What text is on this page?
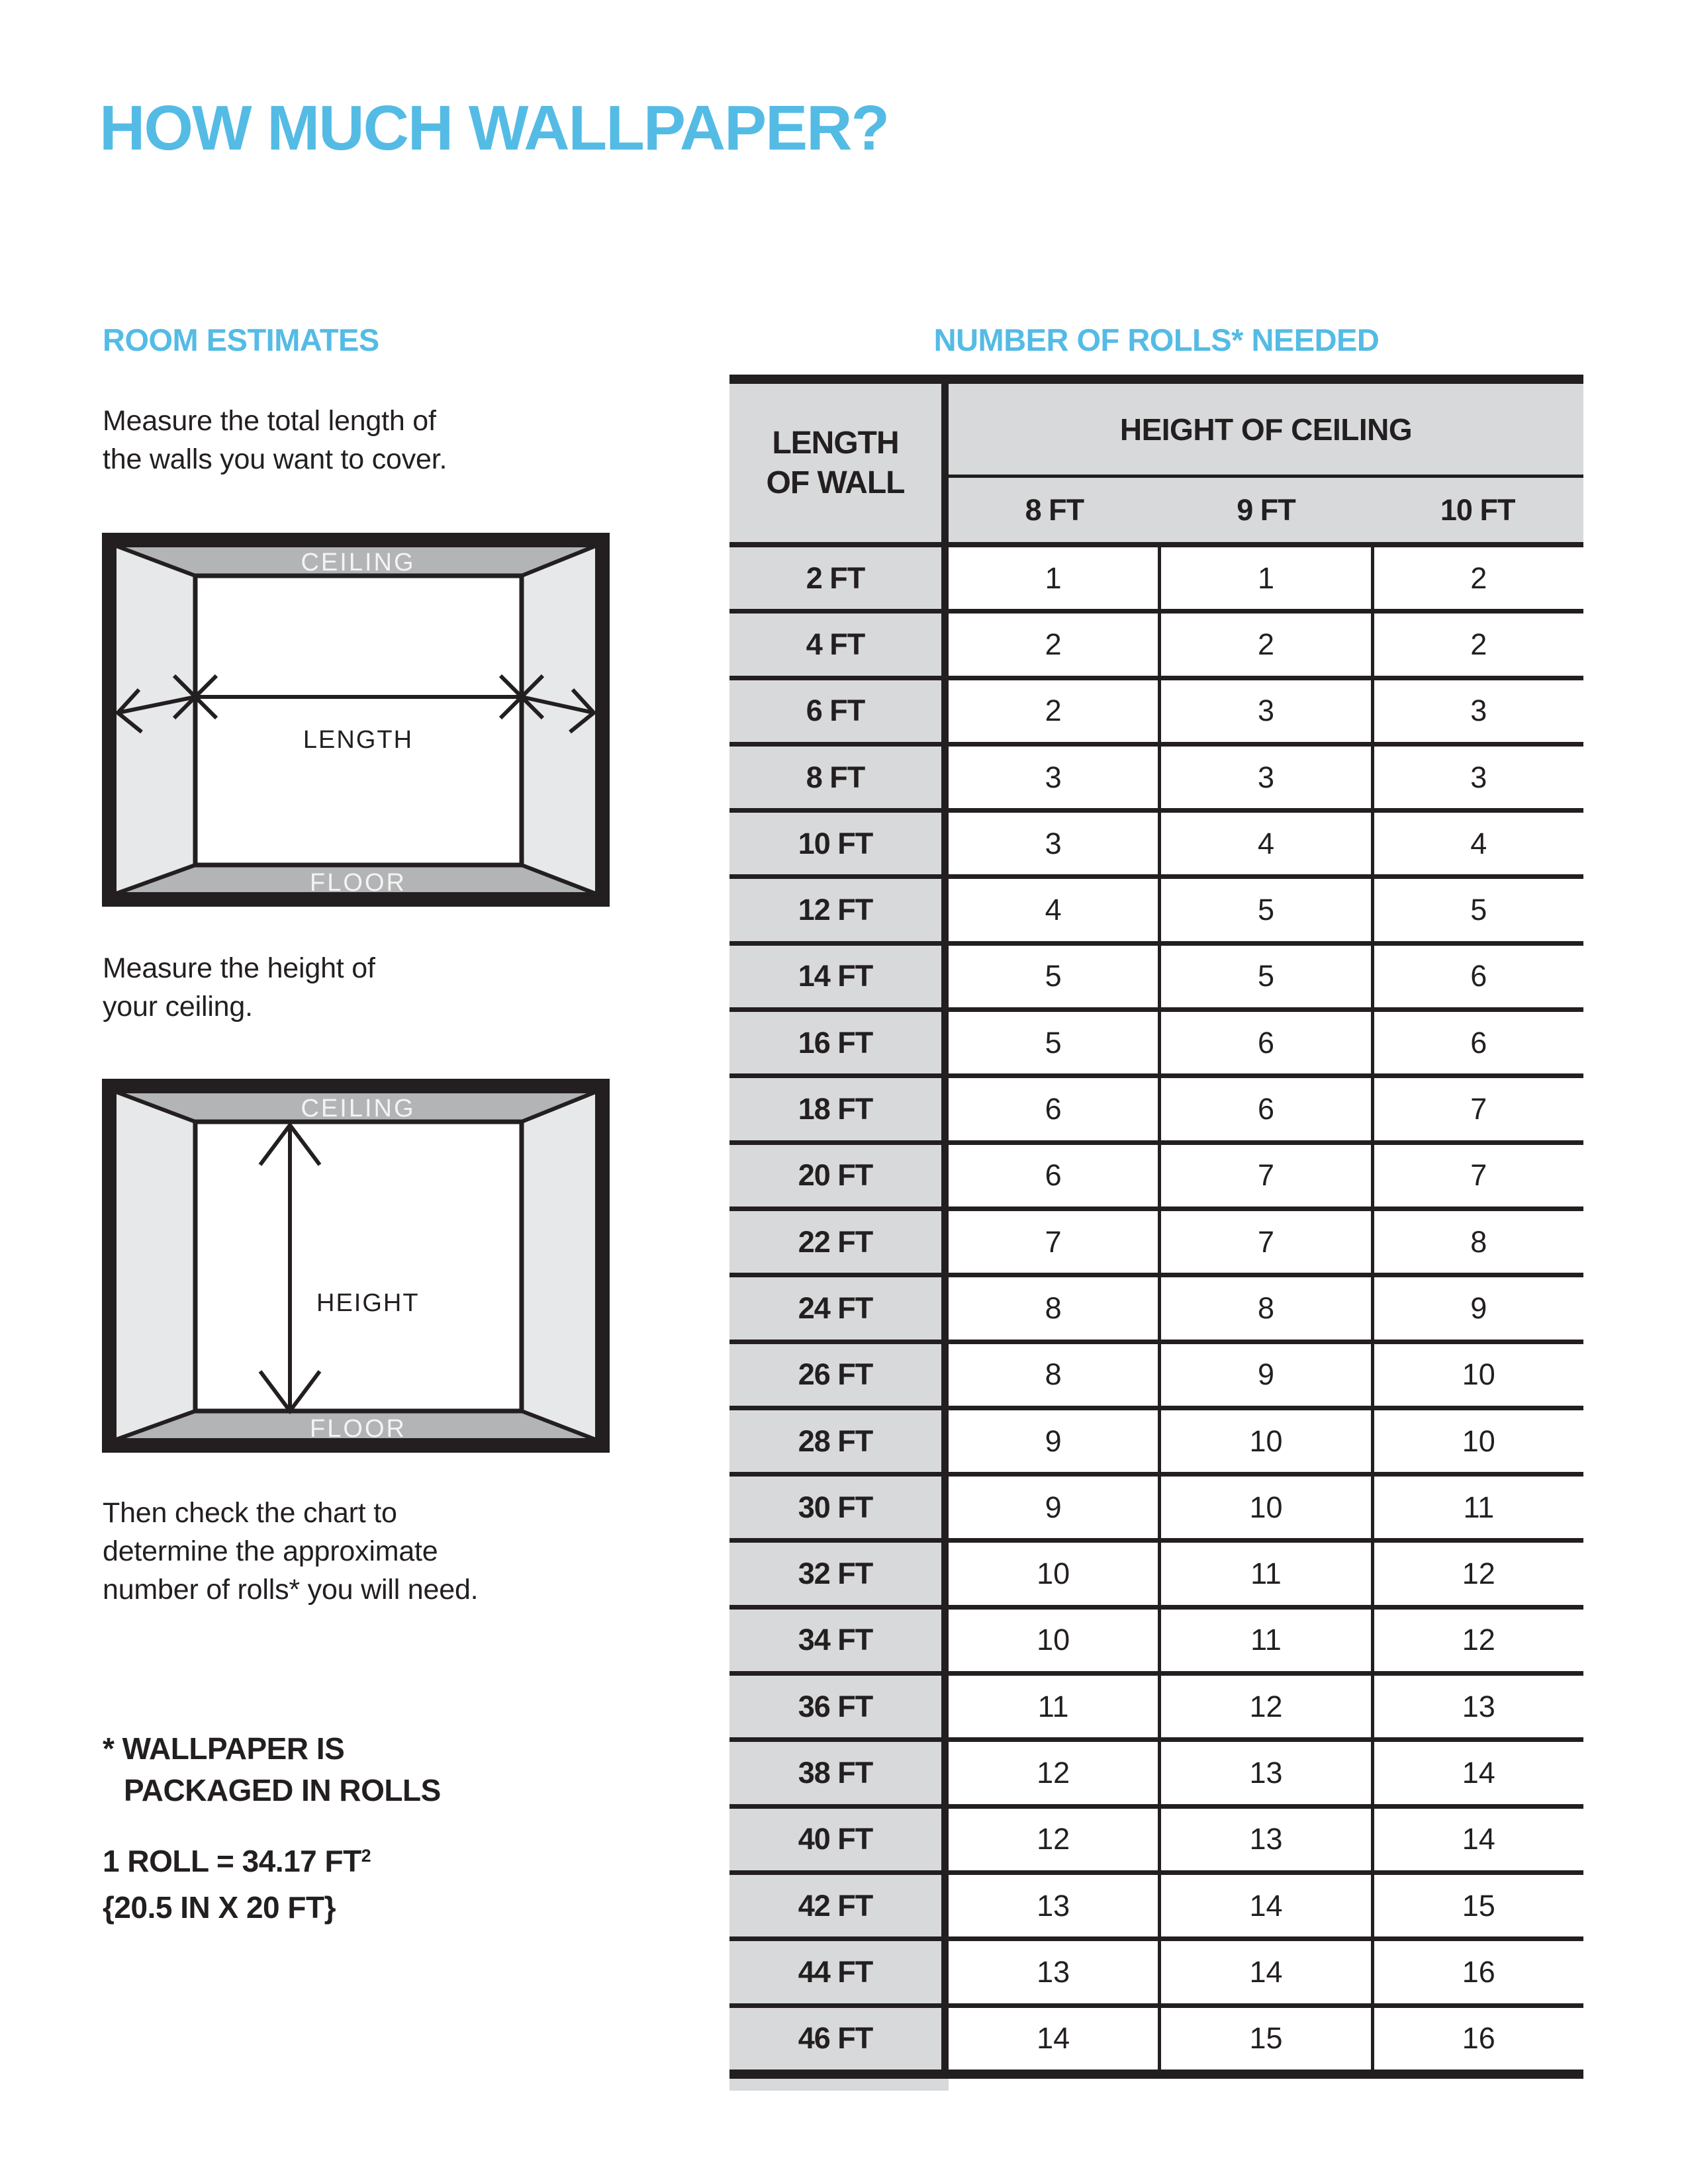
HOW MUCH WALLPAPER?
ROOM ESTIMATES	NUMBER OF ROLLS* NEEDED

Measure the total length of
the walls you want to cover.

CEILING
FLOOR
LENGTH

Measure the height of
your ceiling.

CEILING
FLOOR
HEIGHT

Then check the chart to
determine the approximate
number of rolls* you will need.

* WALLPAPER IS
PACKAGED IN ROLLS

1 ROLL = 34.17 $FT^2$
{20.5 IN X 20 FT}

LENGTH
OF WALL
HEIGHT OF CEILING
8 FT	9 FT	10 FT
2 FT	1	1	2
4 FT	2	2	2
6 FT	2	3	3
8 FT	3	3	3
10 FT	3	4	4
12 FT	4	5	5
14 FT	5	5	6
16 FT	5	6	6
18 FT	6	6	7
20 FT	6	7	7
22 FT	7	7	8
24 FT	8	8	9
26 FT	8	9	10
28 FT	9	10	10
30 FT	9	10	11
32 FT	10	11	12
34 FT	10	11	12
36 FT	11	12	13
38 FT	12	13	14
40 FT	12	13	14
42 FT	13	14	15
44 FT	13	14	16
46 FT	14	15	16
